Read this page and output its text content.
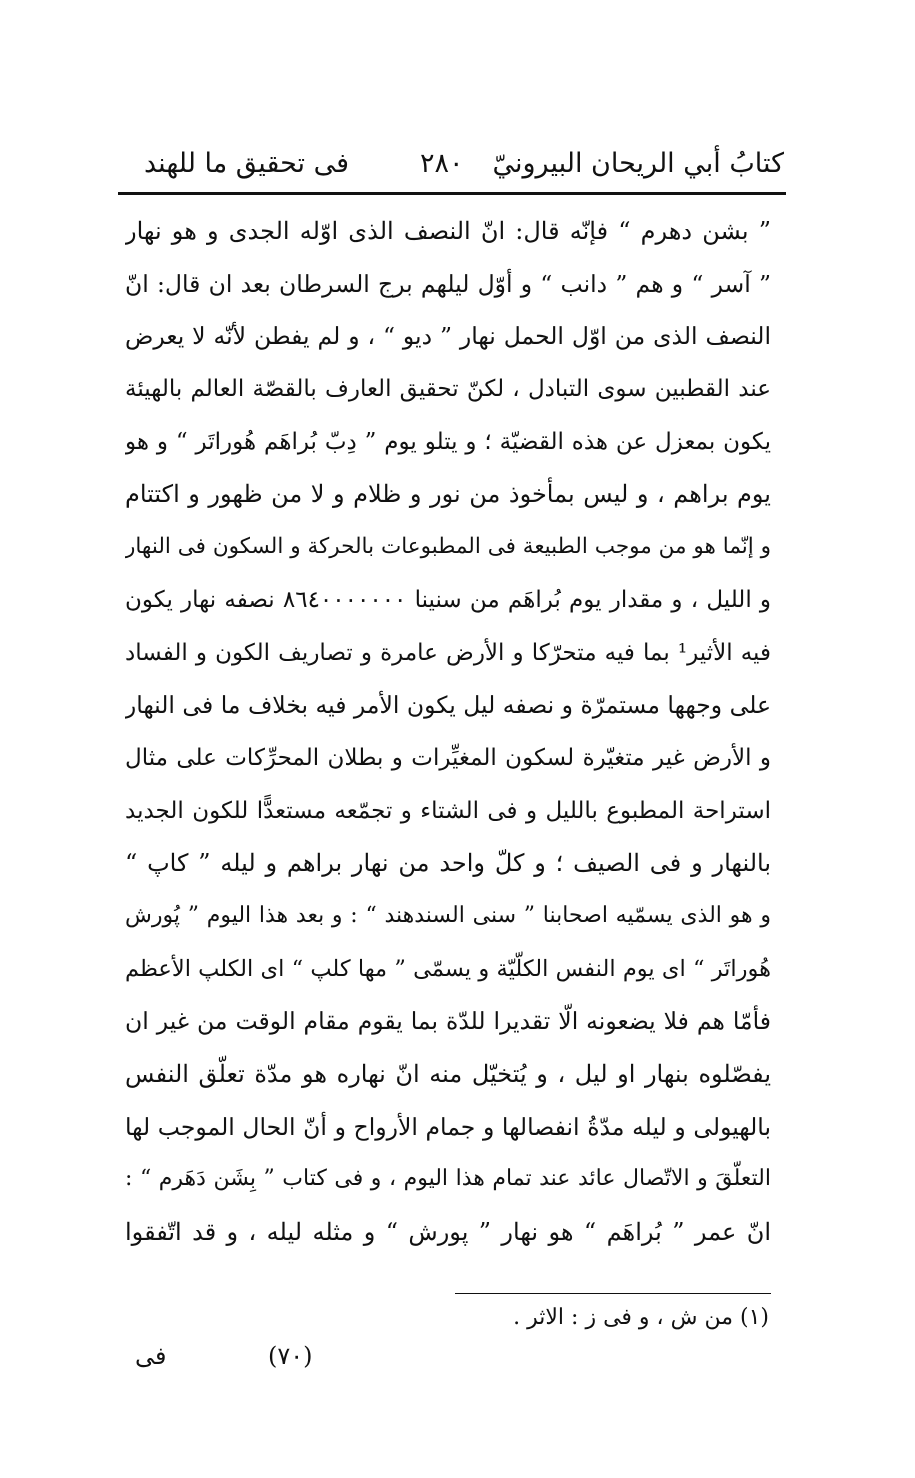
كتابُ أبي الريحان البيرونيّ
٢٨٠
فى تحقيق ما للهند
” بشن دهرم “ فإنّه قال: انّ النصف الذى اوّله الجدى و هو نهار
” آسر “ و هم ” دانب “ و أوّل ليلهم برج السرطان بعد ان قال: انّ
النصف الذى من اوّل الحمل نهار ” ديو “ ، و لم يفطن لأنّه لا يعرض
عند القطبين سوى التبادل ، لكنّ تحقيق العارف بالقصّة العالم بالهيئة
يكون بمعزل عن هذه القضيّة ؛ و يتلو يوم ” دِبّ بُراهَم هُوراتَر “ و هو
يوم براهم ، و ليس بمأخوذ من نور و ظلام و لا من ظهور و اكتتام
و إنّما هو من موجب الطبيعة فى المطبوعات بالحركة و السكون فى النهار
و الليل ، و مقدار يوم بُراهَم من سنينا ٨٦٤٠٠٠٠٠٠٠ نصفه نهار يكون
فيه الأثير¹ بما فيه متحرّكا و الأرض عامرة و تصاريف الكون و الفساد
على وجهها مستمرّة و نصفه ليل يكون الأمر فيه بخلاف ما فى النهار
و الأرض غير متغيّرة لسكون المغيِّرات و بطلان المحرِّكات على مثال
استراحة المطبوع بالليل و فى الشتاء و تجمّعه مستعدًّا للكون الجديد
بالنهار و فى الصيف ؛ و كلّ واحد من نهار براهم و ليله ” كاپ “
و هو الذى يسمّيه اصحابنا ” سنى السندهند “ : و بعد هذا اليوم ” پُورش
هُوراتَر “ اى يوم النفس الكلّيّة و يسمّى ” مها كلپ “ اى الكلپ الأعظم
فأمّا هم فلا يضعونه الّا تقديرا للدّة بما يقوم مقام الوقت من غير ان
يفصّلوه بنهار او ليل ، و يُتخيّل منه انّ نهاره هو مدّة تعلّق النفس
بالهيولى و ليله مدّةُ انفصالها و جمام الأرواح و أنّ الحال الموجب لها
التعلّقَ و الاتّصال عائد عند تمام هذا اليوم ، و فى كتاب ” بِشَن دَهَرم “ :
انّ عمر ” بُراهَم “ هو نهار ” پورش “ و مثله ليله ، و قد اتّفقوا
(١) من ش ، و فى ز : الاثر .
(٧٠)
فى
